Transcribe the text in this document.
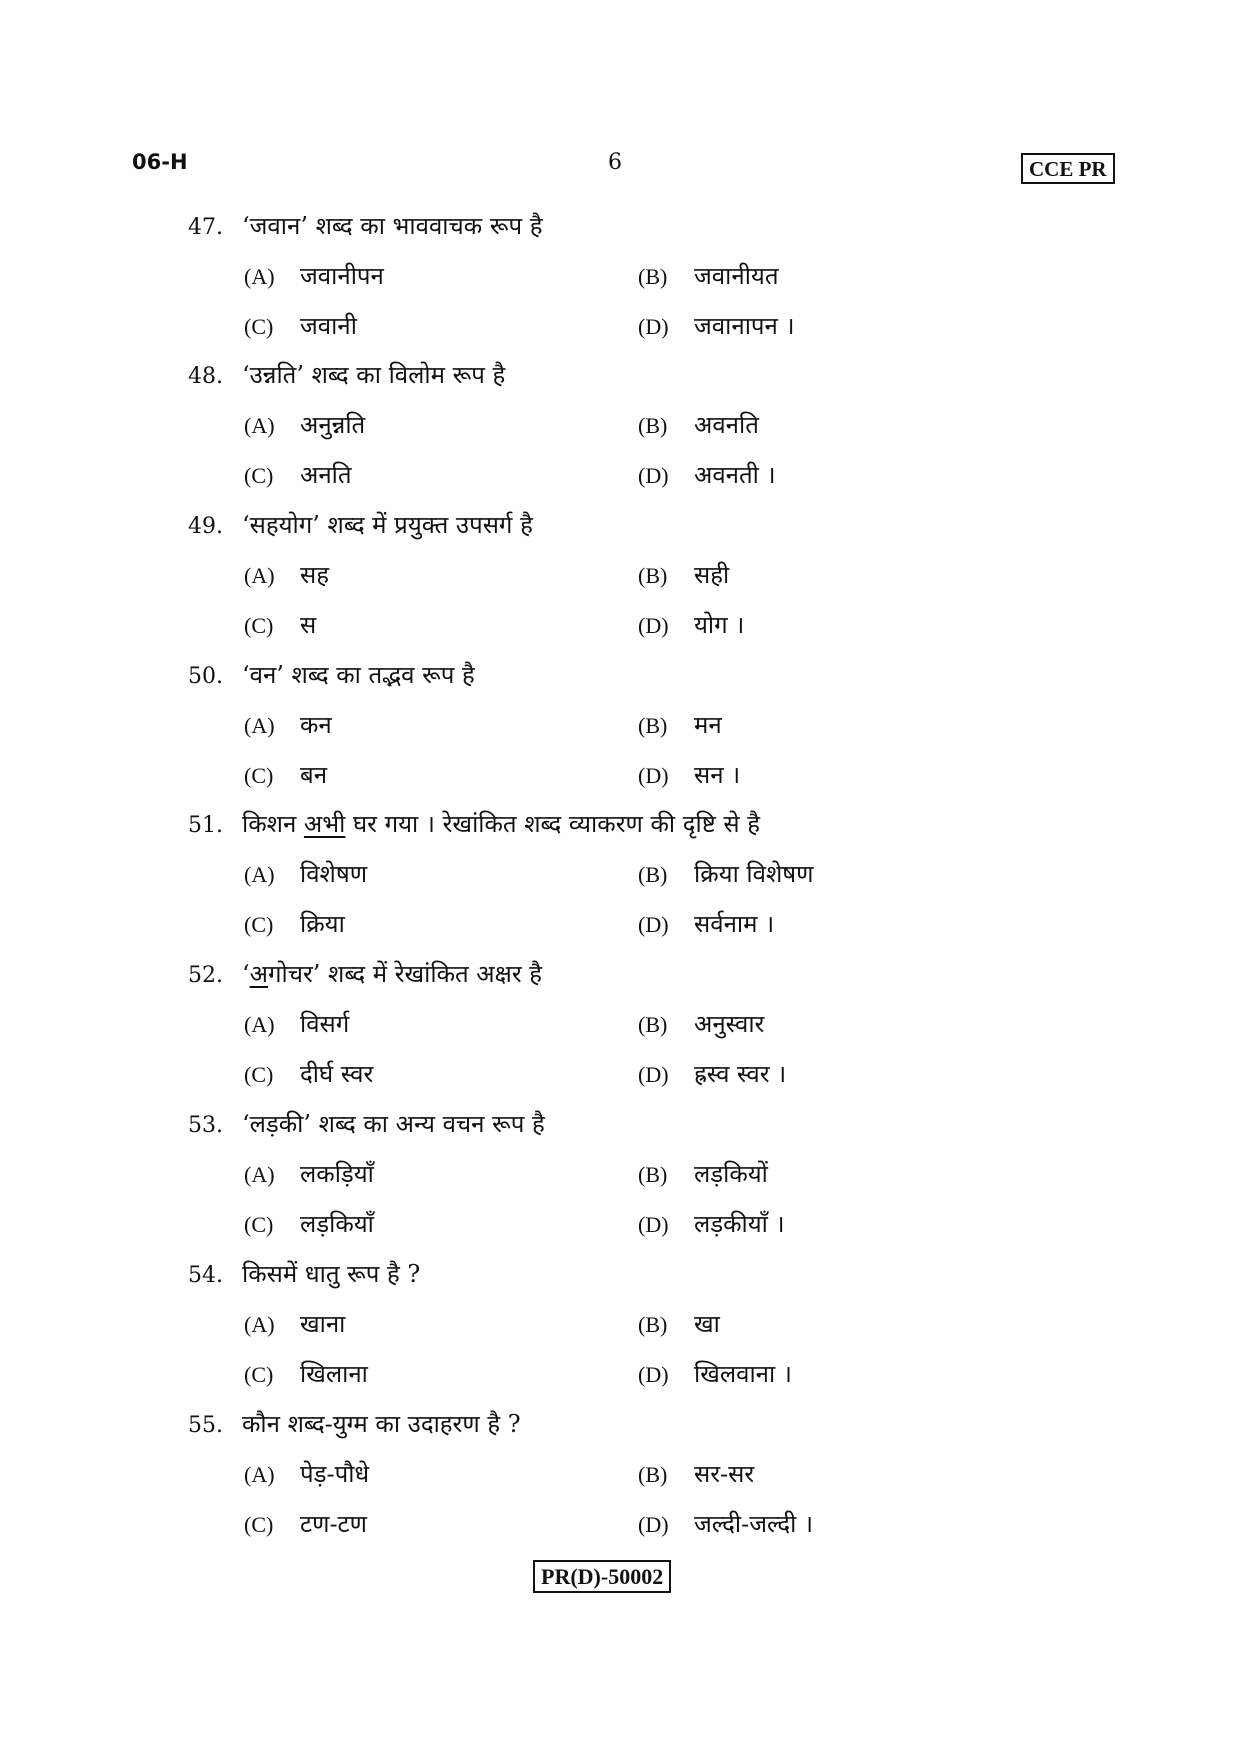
06-H	6	CCE PR
47. ‘जवान’ शब्द का भाववाचक रूप है
(A) जवानीपन	(B) जवानीयत
(C) जवानी	(D) जवानापन ।
48. ‘उन्नति’ शब्द का विलोम रूप है
(A) अनुन्नति	(B) अवनति
(C) अनति	(D) अवनती ।
49. ‘सहयोग’ शब्द में प्रयुक्त उपसर्ग है
(A) सह	(B) सही
(C) स	(D) योग ।
50. ‘वन’ शब्द का तद्भव रूप है
(A) कन	(B) मन
(C) बन	(D) सन ।
51. किशन अभी घर गया । रेखांकित शब्द व्याकरण की दृष्टि से है
(A) विशेषण	(B) क्रिया विशेषण
(C) क्रिया	(D) सर्वनाम ।
52. ‘अगोचर’ शब्द में रेखांकित अक्षर है
(A) विसर्ग	(B) अनुस्वार
(C) दीर्घ स्वर	(D) ह्रस्व स्वर ।
53. ‘लड़की’ शब्द का अन्य वचन रूप है
(A) लकड़ियाँ	(B) लड़कियों
(C) लड़कियाँ	(D) लड़कीयाँ ।
54. किसमें धातु रूप है ?
(A) खाना	(B) खा
(C) खिलाना	(D) खिलवाना ।
55. कौन शब्द-युग्म का उदाहरण है ?
(A) पेड़-पौधे	(B) सर-सर
(C) टण-टण	(D) जल्दी-जल्दी ।
PR(D)-50002
